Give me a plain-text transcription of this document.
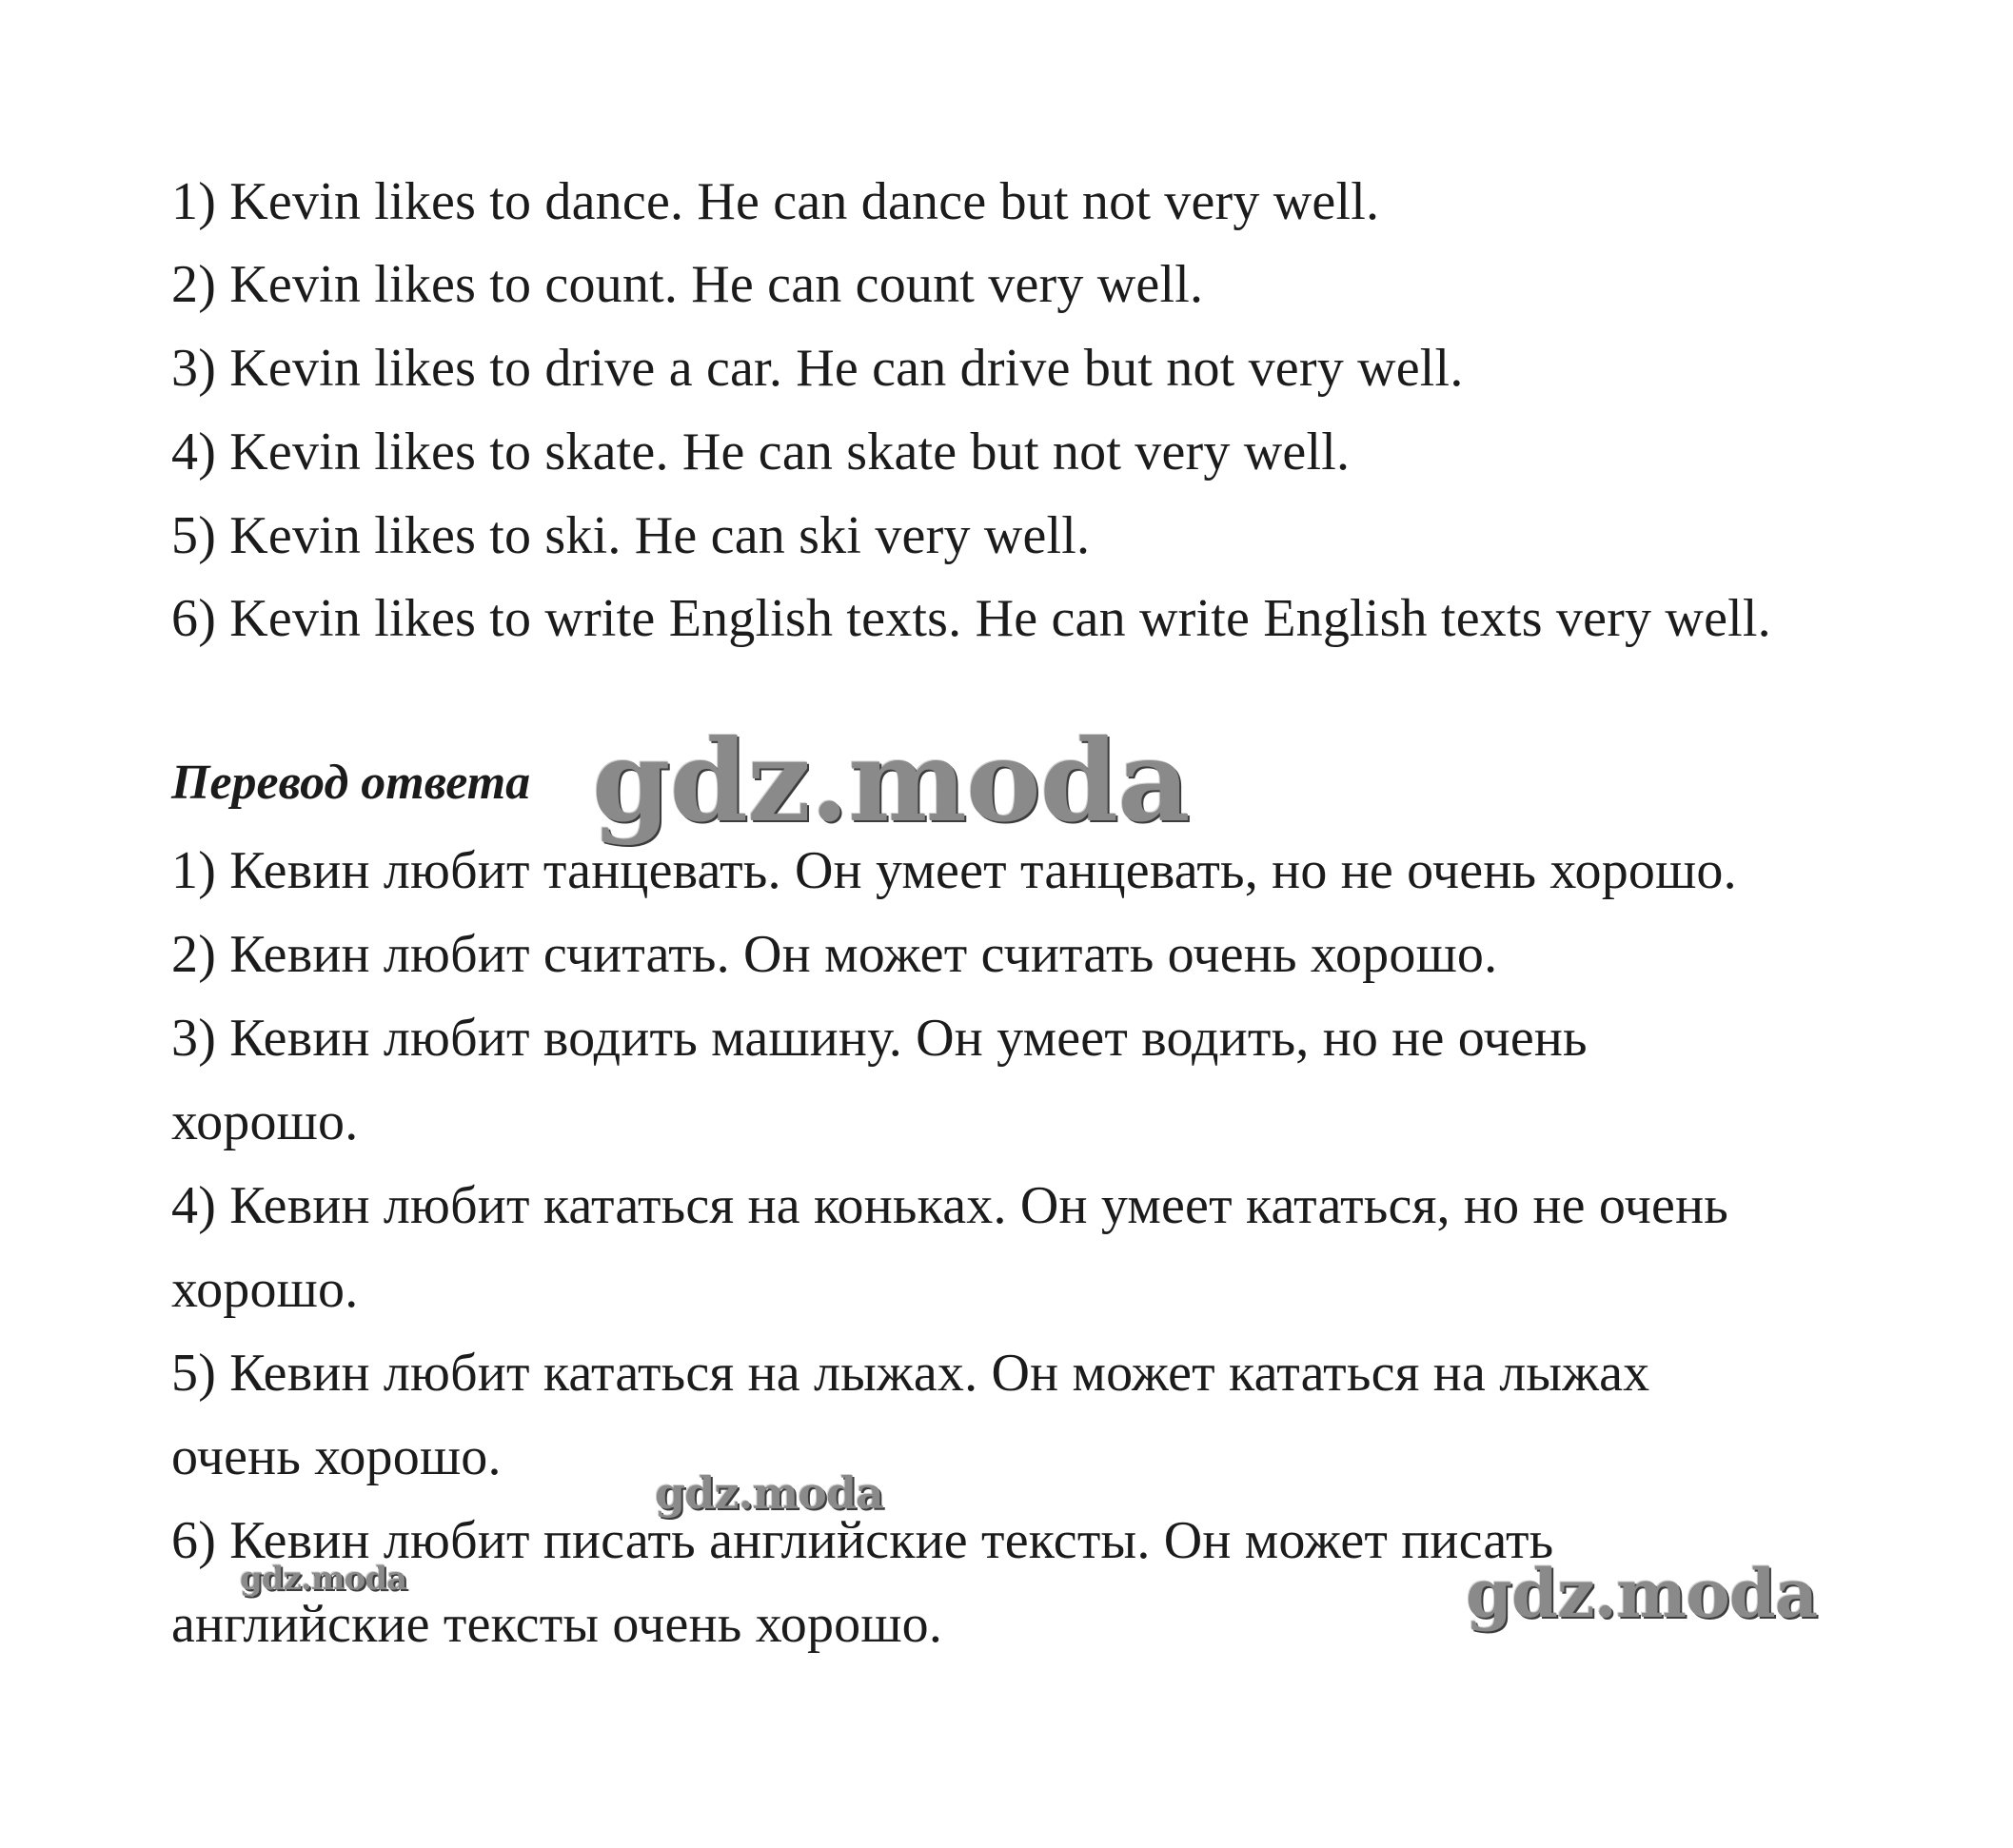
1) Kevin likes to dance. He can dance but not very well.
2) Kevin likes to count. He can count very well.
3) Kevin likes to drive a car. He can drive but not very well.
4) Kevin likes to skate. He can skate but not very well.
5) Kevin likes to ski. He can ski very well.
6) Kevin likes to write English texts. He can write English texts very well.
Перевод ответа
1) Кевин любит танцевать. Он умеет танцевать, но не очень хорошо.
2) Кевин любит считать. Он может считать очень хорошо.
3) Кевин любит водить машину. Он умеет водить, но не очень
хорошо.
4) Кевин любит кататься на коньках. Он умеет кататься, но не очень
хорошо.
5) Кевин любит кататься на лыжах. Он может кататься на лыжах
очень хорошо.
6) Кевин любит писать английские тексты. Он может писать
английские тексты очень хорошо.
gdz.moda
gdz.moda
gdz.moda	gdz.moda
